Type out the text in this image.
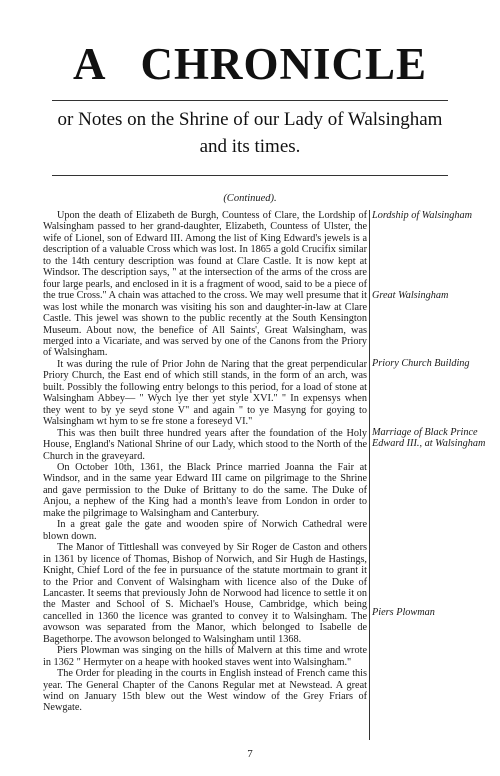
A CHRONICLE
or Notes on the Shrine of our Lady of Walsingham
and its times.
(Continued).

Upon the death of Elizabeth de Burgh, Countess of Clare, the Lordship of Walsingham passed to her grand-daughter, Elizabeth, Countess of Ulster, the wife of Lionel, son of Edward III. Among the list of King Edward's jewels is a description of a valuable Cross which was lost. In 1865 a gold Crucifix similar to the 14th century description was found at Clare Castle. It is now kept at Windsor. The description says, " at the intersection of the arms of the cross are four large pearls, and enclosed in it is a fragment of wood, said to be a piece of the true Cross." A chain was attached to the cross. We may well presume that it was lost while the monarch was visiting his son and daughter-in-law at Clare Castle. This jewel was shown to the public recently at the South Kensington Museum. About now, the benefice of All Saints', Great Walsingham, was merged into a Vicariate, and was served by one of the Canons from the Priory of Walsingham.

It was during the rule of Prior John de Naring that the great perpendicular Priory Church, the East end of which still stands, in the form of an arch, was built. Possibly the following entry belongs to this period, for a load of stone at Walsingham Abbey— " Wych lye ther yet style XVI." " In expensys when they went to by ye seyd stone V" and again " to ye Masyng for goying to Walsingham wt hym to se fre stone a foreseyd VI."

This was then built three hundred years after the foundation of the Holy House, England's National Shrine of our Lady, which stood to the North of the Church in the graveyard.

On October 10th, 1361, the Black Prince married Joanna the Fair at Windsor, and in the same year Edward III came on pilgrimage to the Shrine and gave permission to the Duke of Brittany to do the same. The Duke of Anjou, a nephew of the King had a month's leave from London in order to make the pilgrimage to Walsingham and Canterbury.

In a great gale the gate and wooden spire of Norwich Cathedral were blown down.

The Manor of Tittleshall was conveyed by Sir Roger de Caston and others in 1361 by licence of Thomas, Bishop of Norwich, and Sir Hugh de Hastings, Knight, Chief Lord of the fee in pursuance of the statute mortmain to grant it to the Prior and Convent of Walsingham with licence also of the Duke of Lancaster. It seems that previously John de Norwood had licence to settle it on the Master and School of S. Michael's House, Cambridge, which being cancelled in 1360 the licence was granted to convey it to Walsingham. The avowson was separated from the Manor, which belonged to Isabelle de Bagethorpe. The avowson belonged to Walsingham until 1368.

Piers Plowman was singing on the hills of Malvern at this time and wrote in 1362 " Hermyter on a heape with hooked staves went into Walsingham."

The Order for pleading in the courts in English instead of French came this year. The General Chapter of the Canons Regular met at Newstead. A great wind on January 15th blew out the West window of the Grey Friars of Newgate.

Lordship of Walsingham
Great Walsingham
Priory Church Building
Marriage of Black Prince Edward III., at Walsingham
Piers Plowman
7
